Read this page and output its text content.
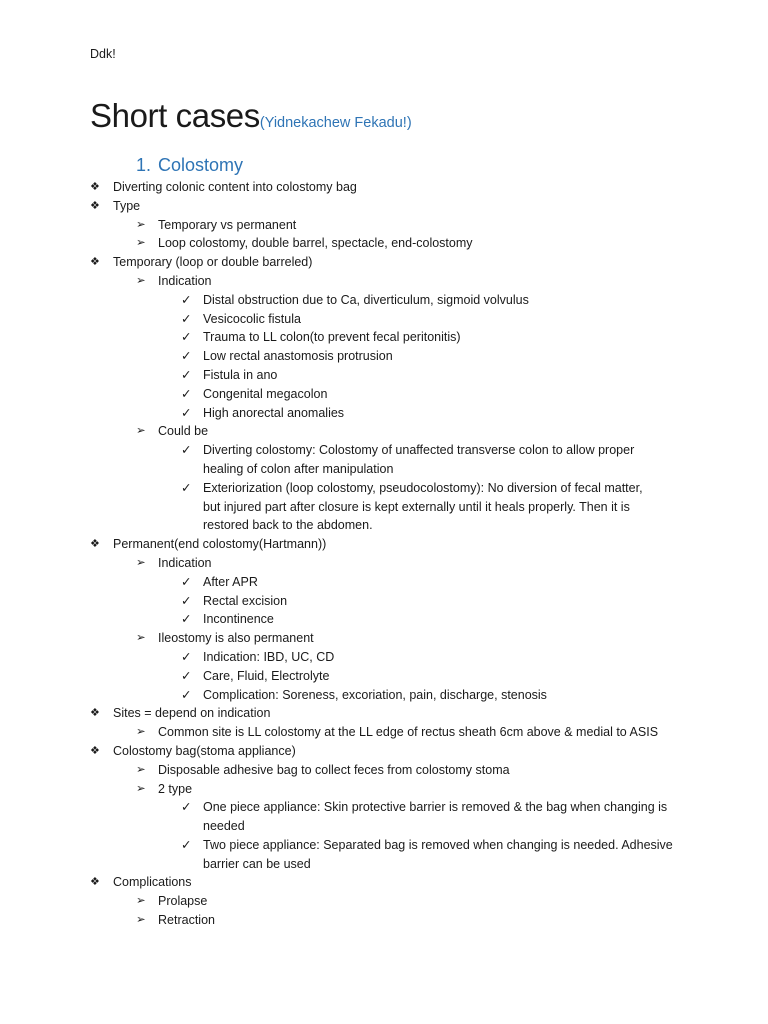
Ddk!
Short cases(Yidnekachew Fekadu!)
1. Colostomy
❖	Diverting colonic content into colostomy bag
❖	Type
➢ Temporary vs permanent
➢ Loop colostomy, double barrel, spectacle, end-colostomy
❖	Temporary (loop or double barreled)
➢ Indication
✓ Distal obstruction due to Ca, diverticulum, sigmoid volvulus
✓ Vesicocolic fistula
✓ Trauma to LL colon(to prevent fecal peritonitis)
✓ Low rectal anastomosis protrusion
✓ Fistula in ano
✓ Congenital megacolon
✓ High anorectal anomalies
➢ Could be
✓ Diverting colostomy: Colostomy of unaffected transverse colon to allow proper
healing of colon after manipulation
✓ Exteriorization (loop colostomy, pseudocolostomy): No diversion of fecal matter,
but injured part after closure is kept externally until it heals properly. Then it is
restored back to the abdomen.
❖	Permanent(end colostomy(Hartmann))
➢ Indication
✓ After APR
✓ Rectal excision
✓ Incontinence
➢ Ileostomy is also permanent
✓ Indication: IBD, UC, CD
✓ Care, Fluid, Electrolyte
✓ Complication: Soreness, excoriation, pain, discharge, stenosis
❖	Sites = depend on indication
➢ Common site is LL colostomy at the LL edge of rectus sheath 6cm above & medial to ASIS
❖	Colostomy bag(stoma appliance)
➢ Disposable adhesive bag to collect feces from colostomy stoma
➢ 2 type
✓ One piece appliance: Skin protective barrier is removed & the bag when changing is
needed
✓ Two piece appliance: Separated bag is removed when changing is needed. Adhesive
barrier can be used
❖	Complications
➢ Prolapse
➢ Retraction
